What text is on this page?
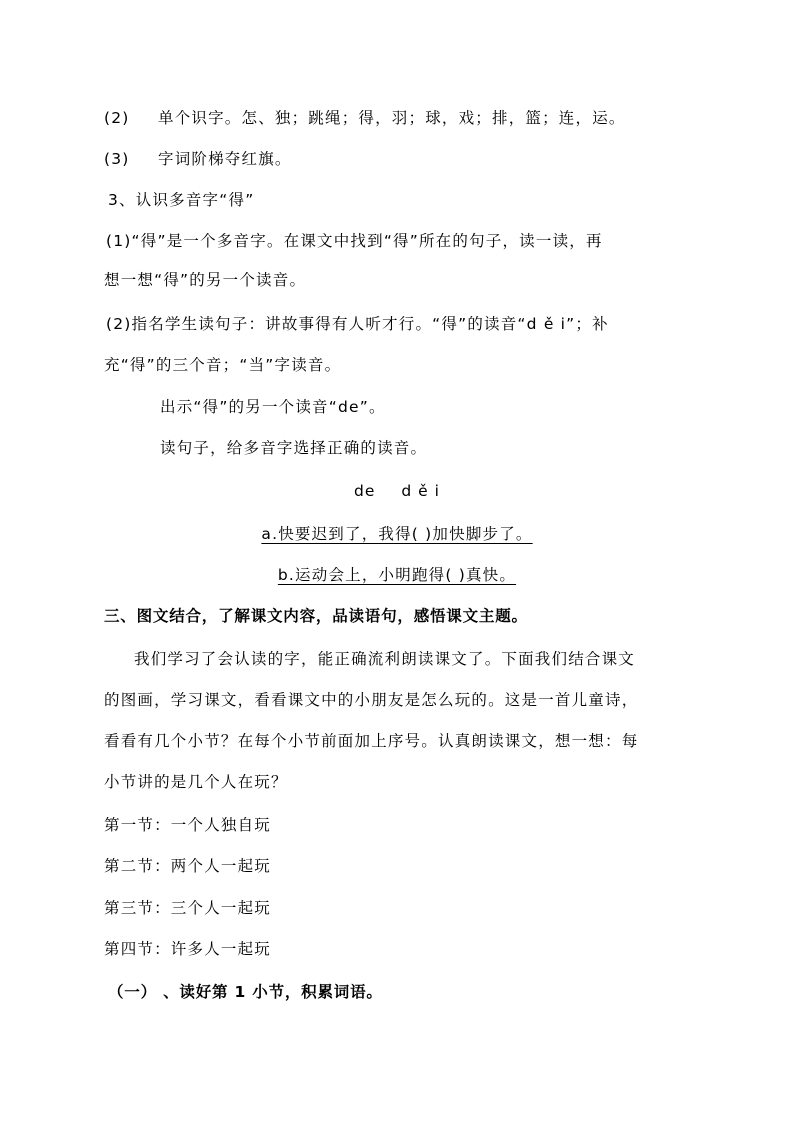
(2) 单个识字。怎、独；跳绳；得，羽；球，戏；排，篮；连，运。
(3) 字词阶梯夺红旗。
3、认识多音字“得”
(1)“得”是一个多音字。在课文中找到“得”所在的句子，读一读，再
想一想“得”的另一个读音。
(2)指名学生读句子：讲故事得有人听才行。“得”的读音“d ě i”；补
充“得”的三个音；“当”字读音。
出示“得”的另一个读音“de”。
读句子，给多音字选择正确的读音。
de d ě i
a.快要迟到了，我得( )加快脚步了。
b.运动会上，小明跑得( )真快。
三、图文结合，了解课文内容，品读语句，感悟课文主题。
我们学习了会认读的字，能正确流利朗读课文了。下面我们结合课文
的图画，学习课文，看看课文中的小朋友是怎么玩的。这是一首儿童诗，
看看有几个小节？在每个小节前面加上序号。认真朗读课文，想一想：每
小节讲的是几个人在玩？
第一节：一个人独自玩
第二节：两个人一起玩
第三节：三个人一起玩
第四节：许多人一起玩
（一） 、读好第 1 小节，积累词语。
